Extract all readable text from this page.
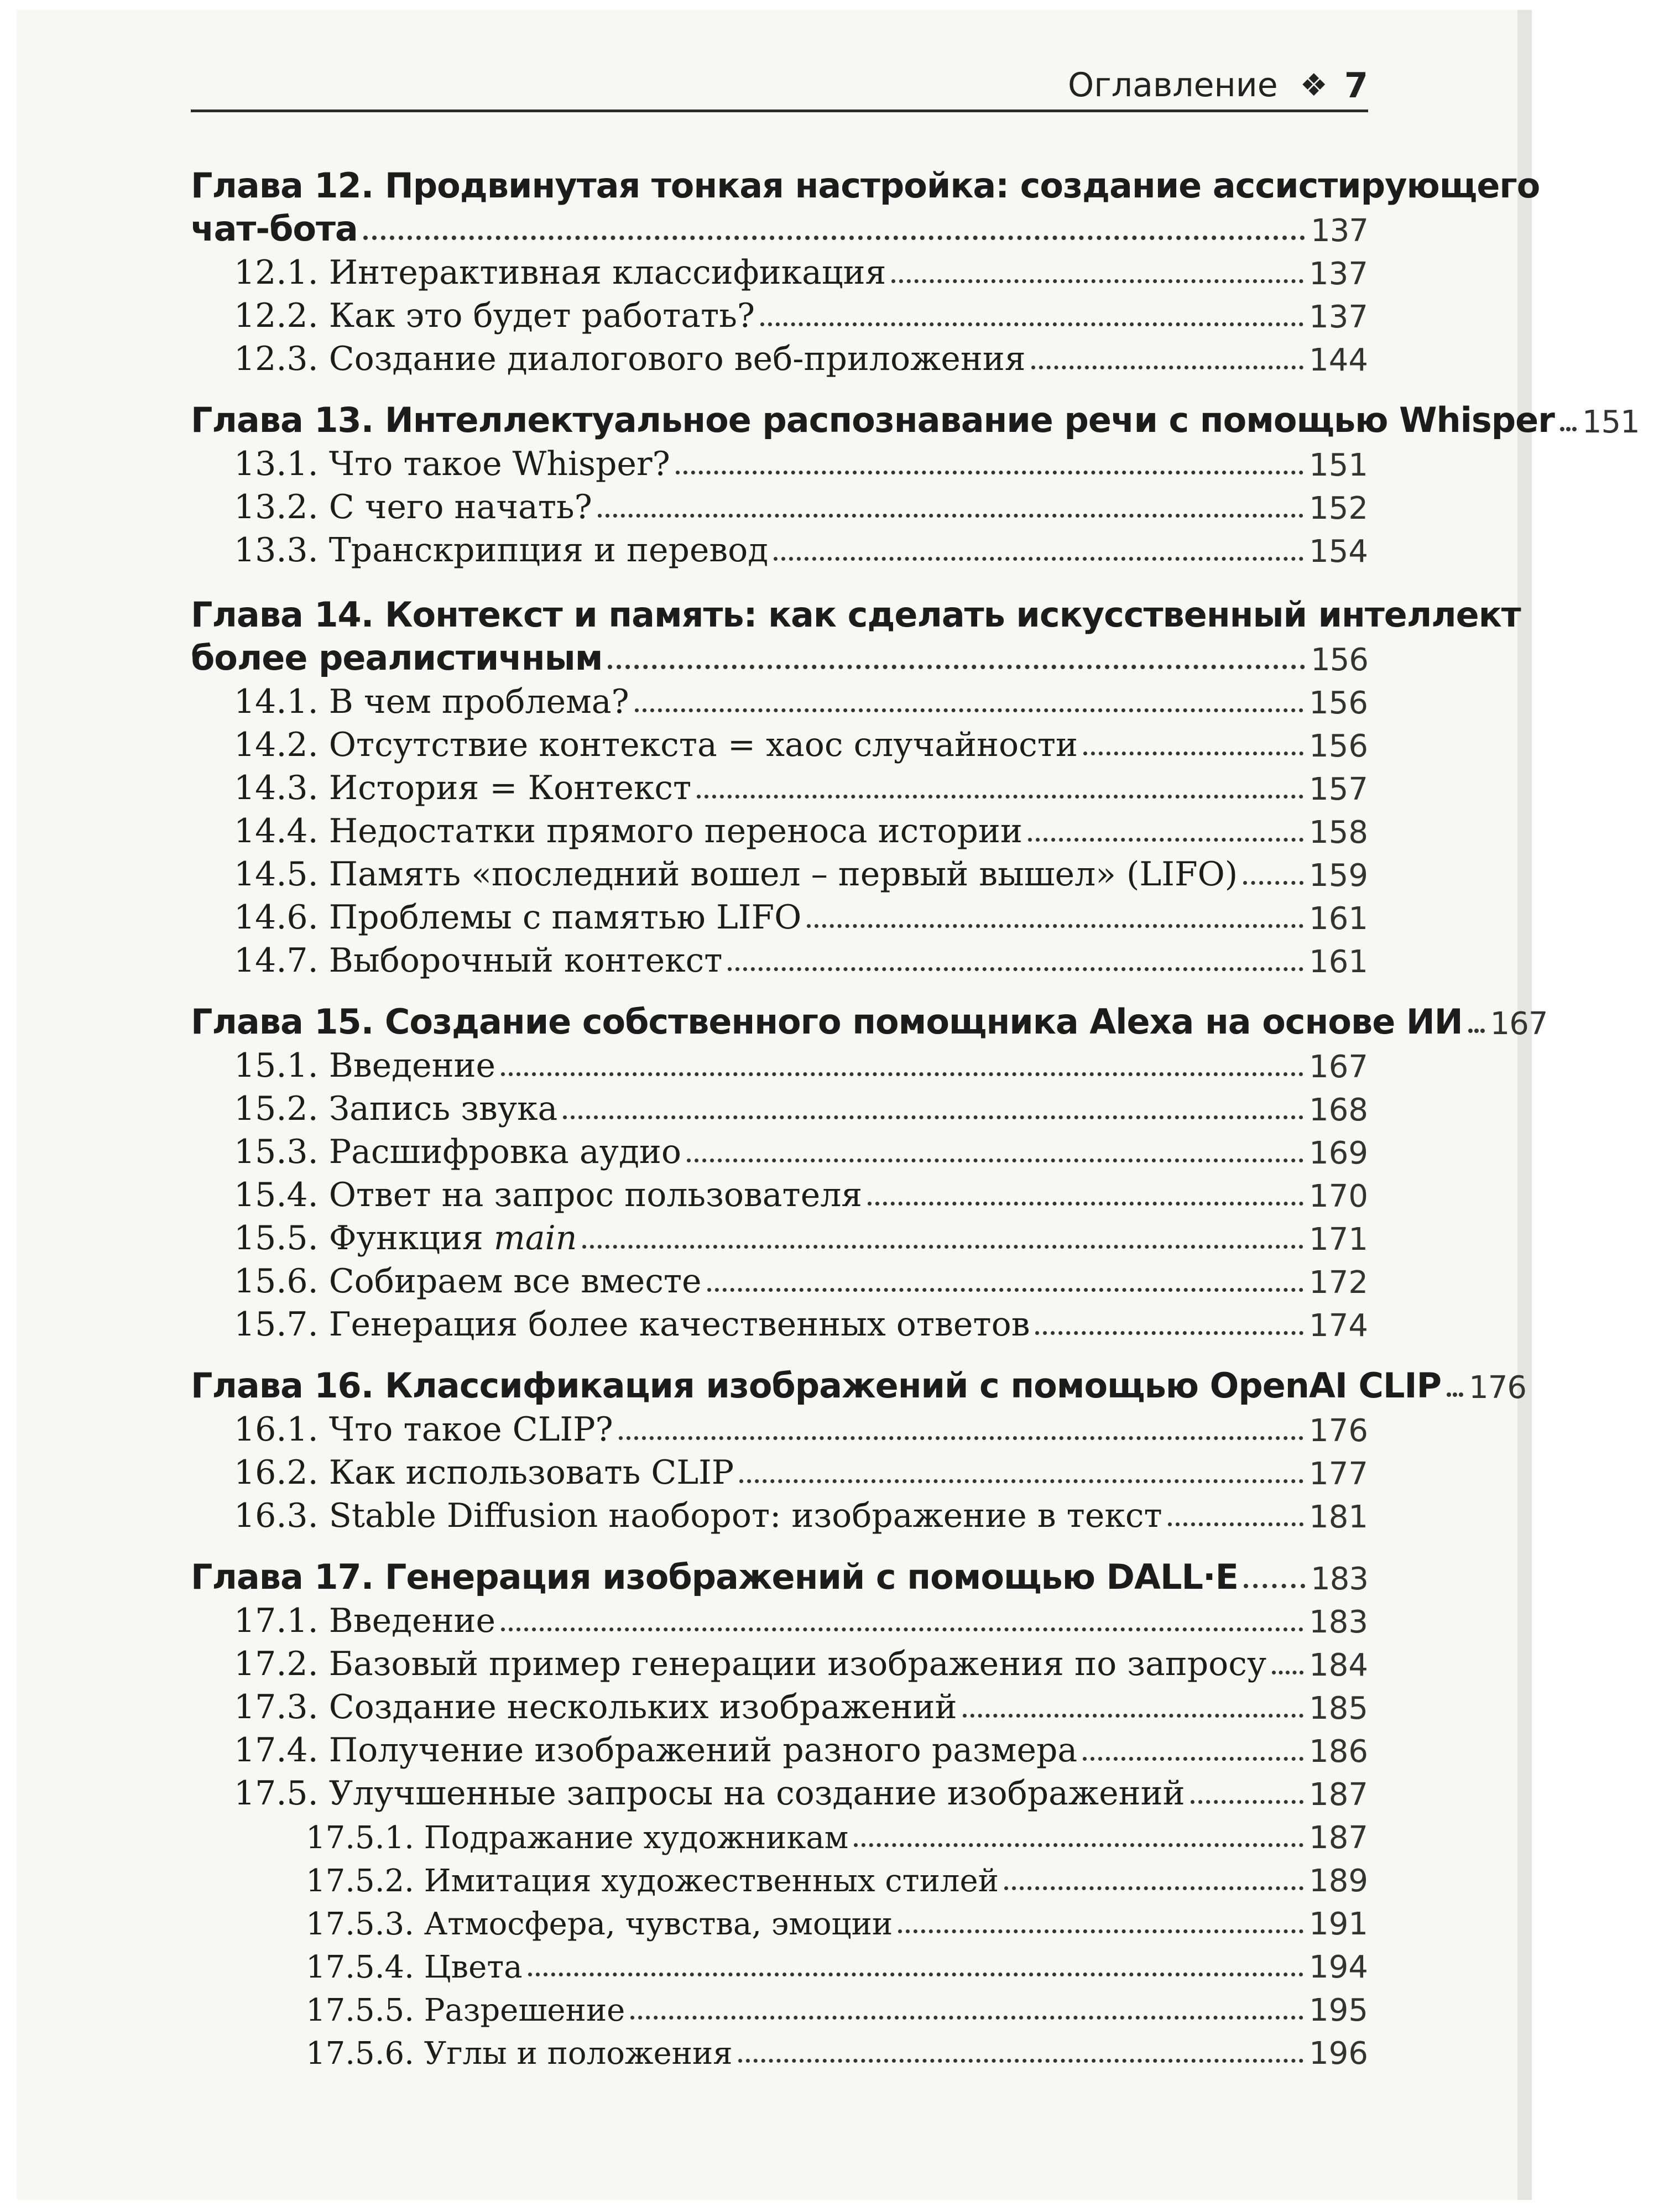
Оглавление ❖ 7
Глава 12. Продвинутая тонкая настройка: создание ассистирующего
чат-бота	137
12.1. Интерактивная классификация	137
12.2. Как это будет работать?	137
12.3. Создание диалогового веб-приложения	144
Глава 13. Интеллектуальное распознавание речи с помощью Whisper 151
13.1. Что такое Whisper?	151
13.2. С чего начать?	152
13.3. Транскрипция и перевод	154
Глава 14. Контекст и память: как сделать искусственный интеллект
более реалистичным	156
14.1. В чем проблема?	156
14.2. Отсутствие контекста = хаос случайности	156
14.3. История = Контекст	157
14.4. Недостатки прямого переноса истории	158
14.5. Память «последний вошел – первый вышел» (LIFO) 159
14.6. Проблемы с памятью LIFO	161
14.7. Выборочный контекст	161
Глава 15. Создание собственного помощника Alexa на основе ИИ 167
15.1. Введение	167
15.2. Запись звука	168
15.3. Расшифровка аудио	169
15.4. Ответ на запрос пользователя	170
15.5. Функция main	171
15.6. Собираем все вместе	172
15.7. Генерация более качественных ответов	174
Глава 16. Классификация изображений с помощью OpenAI CLIP 176
16.1. Что такое CLIP?	176
16.2. Как использовать CLIP	177
16.3. Stable Diffusion наоборот: изображение в текст	181
Глава 17. Генерация изображений с помощью DALL·E 183
17.1. Введение	183
17.2. Базовый пример генерации изображения по запросу 184
17.3. Создание нескольких изображений	185
17.4. Получение изображений разного размера	186
17.5. Улучшенные запросы на создание изображений	187
17.5.1. Подражание художникам	187
17.5.2. Имитация художественных стилей	189
17.5.3. Атмосфера, чувства, эмоции	191
17.5.4. Цвета	194
17.5.5. Разрешение	195
17.5.6. Углы и положения	196
